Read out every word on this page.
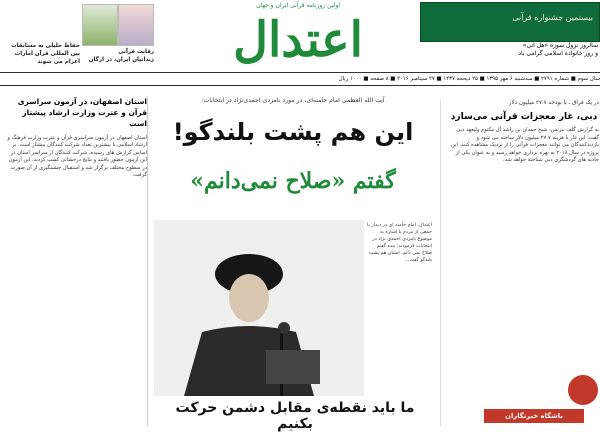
رقابت قرآنی
زندانیان ایران، در ارگان
حفاظ خلیلی به مسابقات
بین المللی قرآن امارات
اعزام می شوند
اولین روزنامه قرآنی ایران و جهان
اعتدال	بیستمین جشنواره قرآنی
سالروز نزول سوره «هل اتی»
و روز خانواده اسلامی گرامی باد
سال سوم ■ شماره ۲۷۹۱ ■ سه‌شنبه ۶ مهر ۱۳۹۵ ■ ۲۵ ذیحجه ۱۴۳۷ ■ ۲۷ سپتامبر ۲۰۱۶ ■ ۸ صفحه ■ ۱۰۰۰ ریال
استان اصفهان، در آزمون سراسری قرآن و عترت وزارت ارشاد پیشتاز است
استان اصفهان در آزمون سراسری قرآن و عترت وزارت فرهنگ و ارشاد اسلامی با بیشترین تعداد شرکت کنندگان پیشتاز است. بر اساس گزارش های رسیده، شرکت کنندگان از سراسر استان در این آزمون حضور یافتند و نتایج درخشانی کسب کردند. این آزمون در سطوح مختلف برگزار شد و استقبال چشمگیری از آن صورت گرفت.
آیت الله العظمی امام خامنه‌ای، در مورد نامزدی احمدی‌نژاد در انتخابات:
این هم پشت بلندگو!
گفتم «صلاح نمی‌دانم»
اعتدال. امام خامنه ای در دیدار با جمعی از مردم با اشاره به موضوع نامزدی احمدی نژاد در انتخابات فرمودند: بنده گفتم صلاح نمی دانم. ایشان هم پشت بلندگو گفت...
ما باید نقطه‌ی مقابل دشمن حرکت بکنیم
در یک فراق ـ با بودجه ۲۷.۷ میلیون دلار
دبی، غار معجزات قرآنی می‌سازد
به گزارش گلف بیزنس، شیخ حمدان بن راشد آل مکتوم ولیعهد دبی گفت: این غار با هزینه ۲۷.۷ میلیون دلار ساخته می شود و بازدیدکنندگان می توانند معجزات قرآنی را از نزدیک مشاهده کنند. این پروژه در سال ۲۰۱۸ به بهره برداری خواهد رسید و به عنوان یکی از جاذبه های گردشگری دبی شناخته خواهد شد.
باشگاه خبرنگاران
